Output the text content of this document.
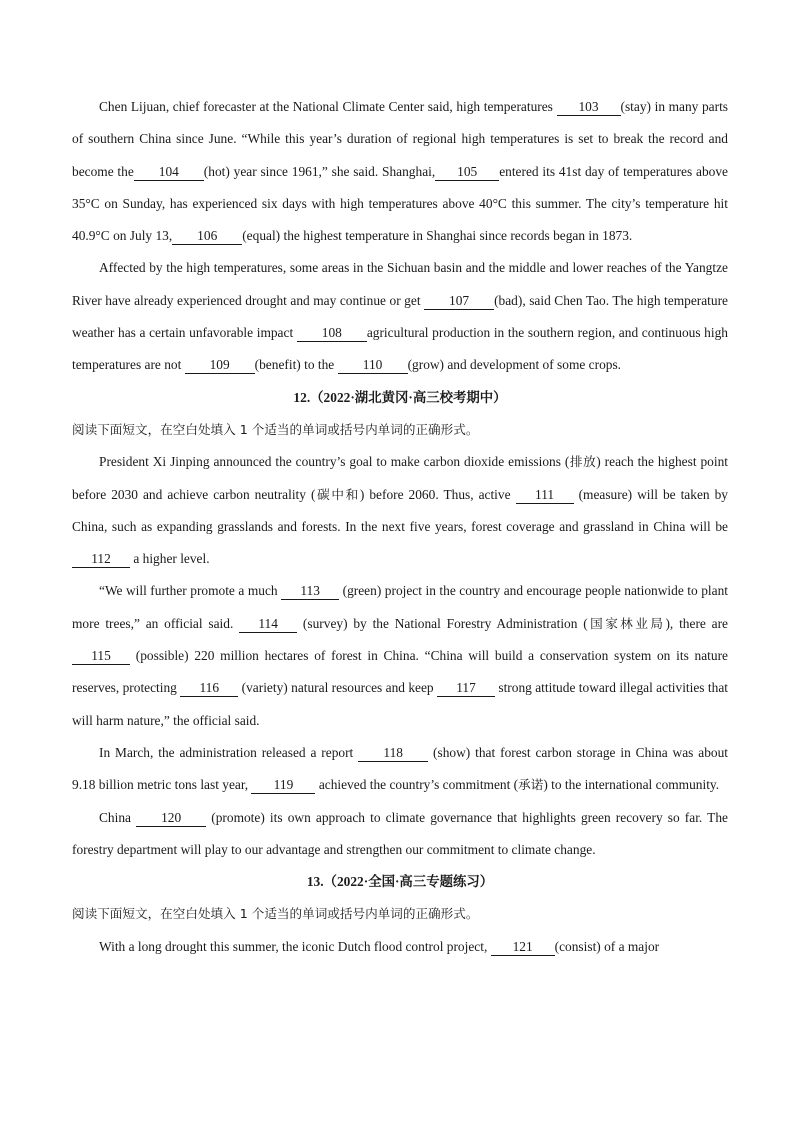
Chen Lijuan, chief forecaster at the National Climate Center said, high temperatures 103 (stay) in many parts of southern China since June. “While this year’s duration of regional high temperatures is set to break the record and become the 104 (hot) year since 1961,” she said. Shanghai, 105 entered its 41st day of temperatures above 35°C on Sunday, has experienced six days with high temperatures above 40°C this summer. The city’s temperature hit 40.9°C on July 13, 106 (equal) the highest temperature in Shanghai since records began in 1873.

Affected by the high temperatures, some areas in the Sichuan basin and the middle and lower reaches of the Yangtze River have already experienced drought and may continue or get 107 (bad), said Chen Tao. The high temperature weather has a certain unfavorable impact 108 agricultural production in the southern region, and continuous high temperatures are not 109 (benefit) to the 110 (grow) and development of some crops.

12.（2022·湖北黄冈·高三校考期中）

阅读下面短文，在空白处填入 1 个适当的单词或括号内单词的正确形式。

President Xi Jinping announced the country’s goal to make carbon dioxide emissions (排放) reach the highest point before 2030 and achieve carbon neutrality (碳中和) before 2060. Thus, active 111 (measure) will be taken by China, such as expanding grasslands and forests. In the next five years, forest coverage and grassland in China will be 112 a higher level.

“We will further promote a much 113 (green) project in the country and encourage people nationwide to plant more trees,” an official said. 114 (survey) by the National Forestry Administration (国家林业局), there are 115 (possible) 220 million hectares of forest in China. “China will build a conservation system on its nature reserves, protecting 116 (variety) natural resources and keep 117 strong attitude toward illegal activities that will harm nature,” the official said.

In March, the administration released a report 118 (show) that forest carbon storage in China was about 9.18 billion metric tons last year, 119 achieved the country’s commitment (承诺) to the international community.

China 120 (promote) its own approach to climate governance that highlights green recovery so far. The forestry department will play to our advantage and strengthen our commitment to climate change.

13.（2022·全国·高三专题练习）

阅读下面短文，在空白处填入 1 个适当的单词或括号内单词的正确形式。

With a long drought this summer, the iconic Dutch flood control project, 121 (consist) of a major
